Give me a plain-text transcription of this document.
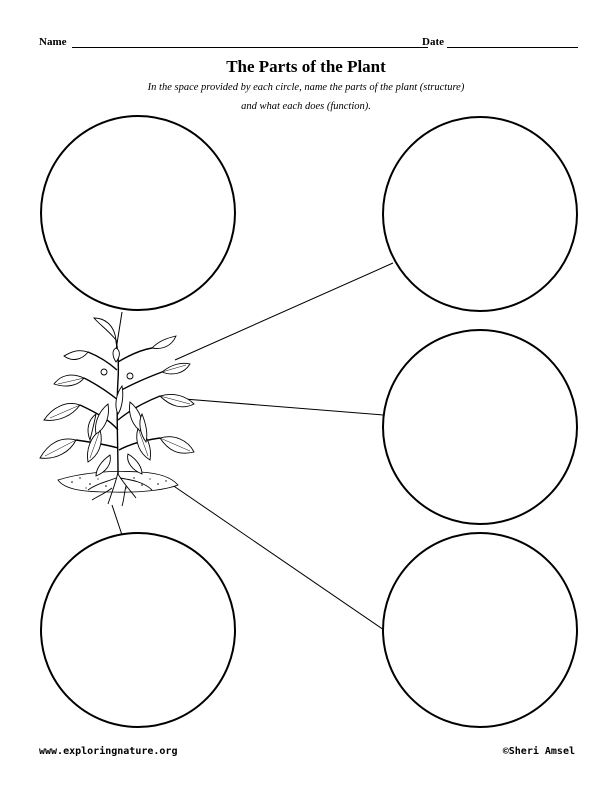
Name	Date
The Parts of the Plant
In the space provided by each circle, name the parts of the plant (structure)
and what each does (function).
www.exploringnature.org	©Sheri Amsel
